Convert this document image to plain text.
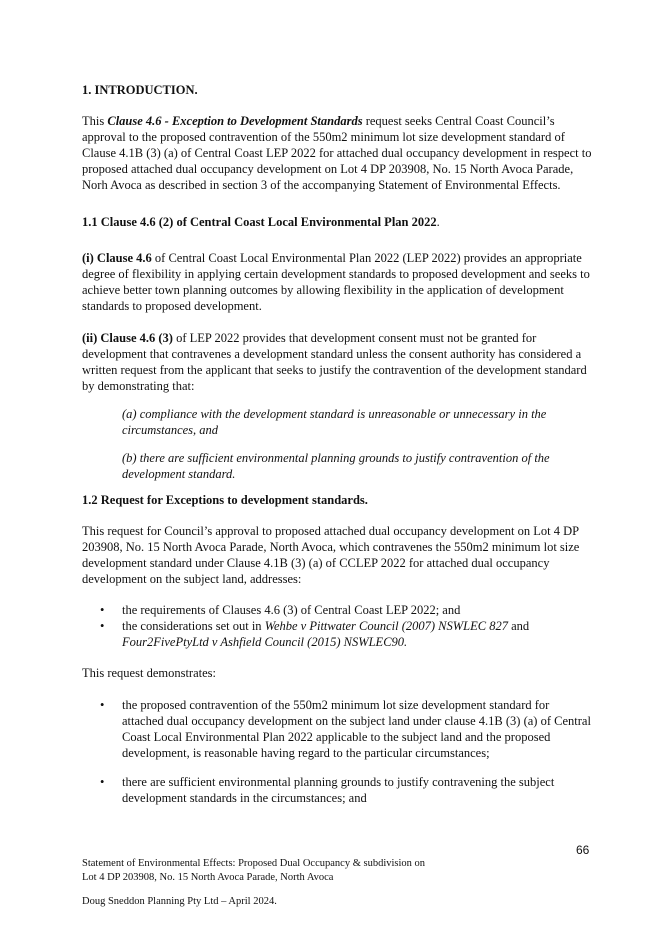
1. INTRODUCTION.

This Clause 4.6 - Exception to Development Standards request seeks Central Coast Council’s approval to the proposed contravention of the 550m2 minimum lot size development standard of Clause 4.1B (3) (a) of Central Coast LEP 2022 for attached dual occupancy development in respect to proposed attached dual occupancy development on Lot 4 DP 203908, No. 15 North Avoca Parade, Norh Avoca as described in section 3 of the accompanying Statement of Environmental Effects.

1.1 Clause 4.6 (2) of Central Coast Local Environmental Plan 2022.

(i) Clause 4.6 of Central Coast Local Environmental Plan 2022 (LEP 2022) provides an appropriate degree of flexibility in applying certain development standards to proposed development and seeks to achieve better town planning outcomes by allowing flexibility in the application of development standards to proposed development.

(ii) Clause 4.6 (3) of LEP 2022 provides that development consent must not be granted for development that contravenes a development standard unless the consent authority has considered a written request from the applicant that seeks to justify the contravention of the development standard by demonstrating that:

(a) compliance with the development standard is unreasonable or unnecessary in the circumstances, and

(b) there are sufficient environmental planning grounds to justify contravention of the development standard.

1.2 Request for Exceptions to development standards.

This request for Council’s approval to proposed attached dual occupancy development on Lot 4 DP 203908, No. 15 North Avoca Parade, North Avoca, which contravenes the 550m2 minimum lot size development standard under Clause 4.1B (3) (a) of CCLEP 2022 for attached dual occupancy development on the subject land, addresses:

• the requirements of Clauses 4.6 (3) of Central Coast LEP 2022; and
• the considerations set out in Wehbe v Pittwater Council (2007) NSWLEC 827 and Four2FivePtyLtd v Ashfield Council (2015) NSWLEC90.

This request demonstrates:

• the proposed contravention of the 550m2 minimum lot size development standard for attached dual occupancy development on the subject land under clause 4.1B (3) (a) of Central Coast Local Environmental Plan 2022 applicable to the subject land and the proposed development, is reasonable having regard to the particular circumstances;
• there are sufficient environmental planning grounds to justify contravening the subject development standards in the circumstances; and
66
Statement of Environmental Effects: Proposed Dual Occupancy & subdivision on
Lot 4 DP 203908, No. 15 North Avoca Parade, North Avoca
Doug Sneddon Planning Pty Ltd – April 2024.
